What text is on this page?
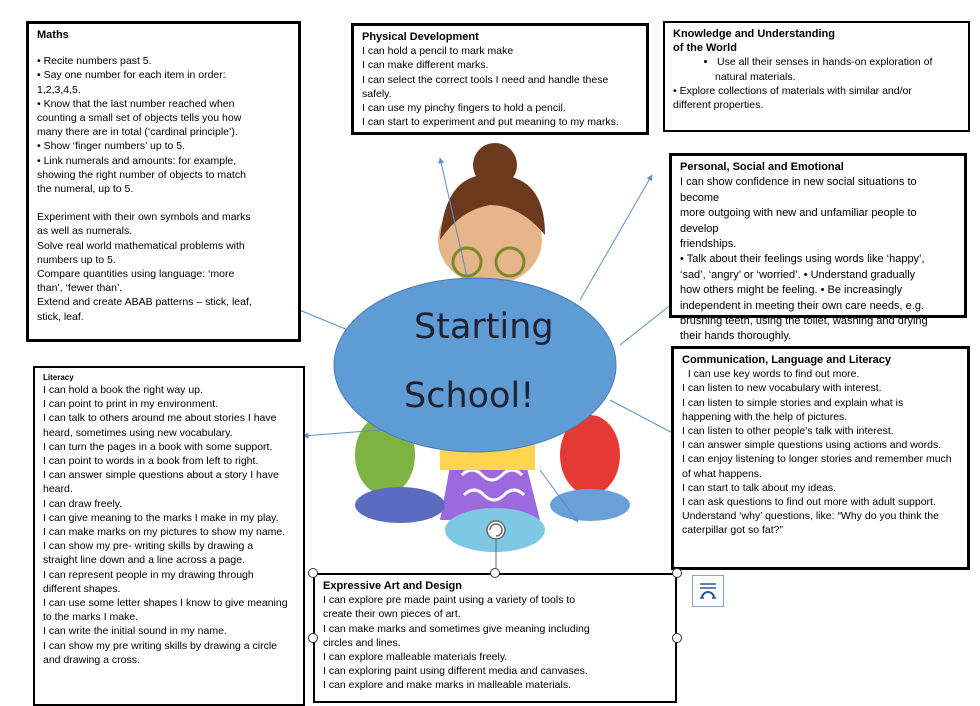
Starting
School!
Maths
• Recite numbers past 5.
• Say one number for each item in order:
1,2,3,4,5.
• Know that the last number reached when
counting a small set of objects tells you how
many there are in total (‘cardinal principle’).
• Show ‘finger numbers’ up to 5.
• Link numerals and amounts: for example,
showing the right number of objects to match
the numeral, up to 5.
Experiment with their own symbols and marks
as well as numerals.
Solve real world mathematical problems with
numbers up to 5.
Compare quantities using language: ‘more
than’, ‘fewer than’.
Extend and create ABAB patterns – stick, leaf,
stick, leaf.
Physical Development
I can hold a pencil to mark make
I can make different marks.
I can select the correct tools I need and handle these
safely.
I can use my pinchy fingers to hold a pencil.
I can start to experiment and put meaning to my marks.
Knowledge and Understanding
of the World
• Use all their senses in hands-on exploration of
natural materials.
• Explore collections of materials with similar and/or
different properties.
Personal, Social and Emotional
I can show confidence in new social situations to become
more outgoing with new and unfamiliar people to develop
friendships.
• Talk about their feelings using words like ‘happy’,
‘sad’, ‘angry’ or ‘worried’. • Understand gradually
how others might be feeling. • Be increasingly
independent in meeting their own care needs, e.g.
brushing teeth, using the toilet, washing and drying
their hands thoroughly.
Communication, Language and Literacy
I can use key words to find out more.
I can listen to new vocabulary with interest.
I can listen to simple stories and explain what is
happening with the help of pictures.
I can listen to other people’s talk with interest.
I can answer simple questions using actions and words.
I can enjoy listening to longer stories and remember much
of what happens.
I can start to talk about my ideas.
I can ask questions to find out more with adult support.
Understand ‘why’ questions, like: “Why do you think the
caterpillar got so fat?”
Literacy
I can hold a book the right way up.
I can point to print in my environment.
I can talk to others around me about stories I have
heard, sometimes using new vocabulary.
I can turn the pages in a book with some support.
I can point to words in a book from left to right.
I can answer simple questions about a story I have
heard.
I can draw freely.
I can give meaning to the marks I make in my play.
I can make marks on my pictures to show my name.
I can show my pre- writing skills by drawing a
straight line down and a line across a page.
I can represent people in my drawing through
different shapes.
I can use some letter shapes I know to give meaning
to the marks I make.
I can write the initial sound in my name.
I can show my pre writing skills by drawing a circle
and drawing a cross.
Expressive Art and Design
I can explore pre made paint using a variety of tools to
create their own pieces of art.
I can make marks and sometimes give meaning including
circles and lines.
I can explore malleable materials freely.
I can exploring paint using different media and canvases.
I can explore and make marks in malleable materials.
